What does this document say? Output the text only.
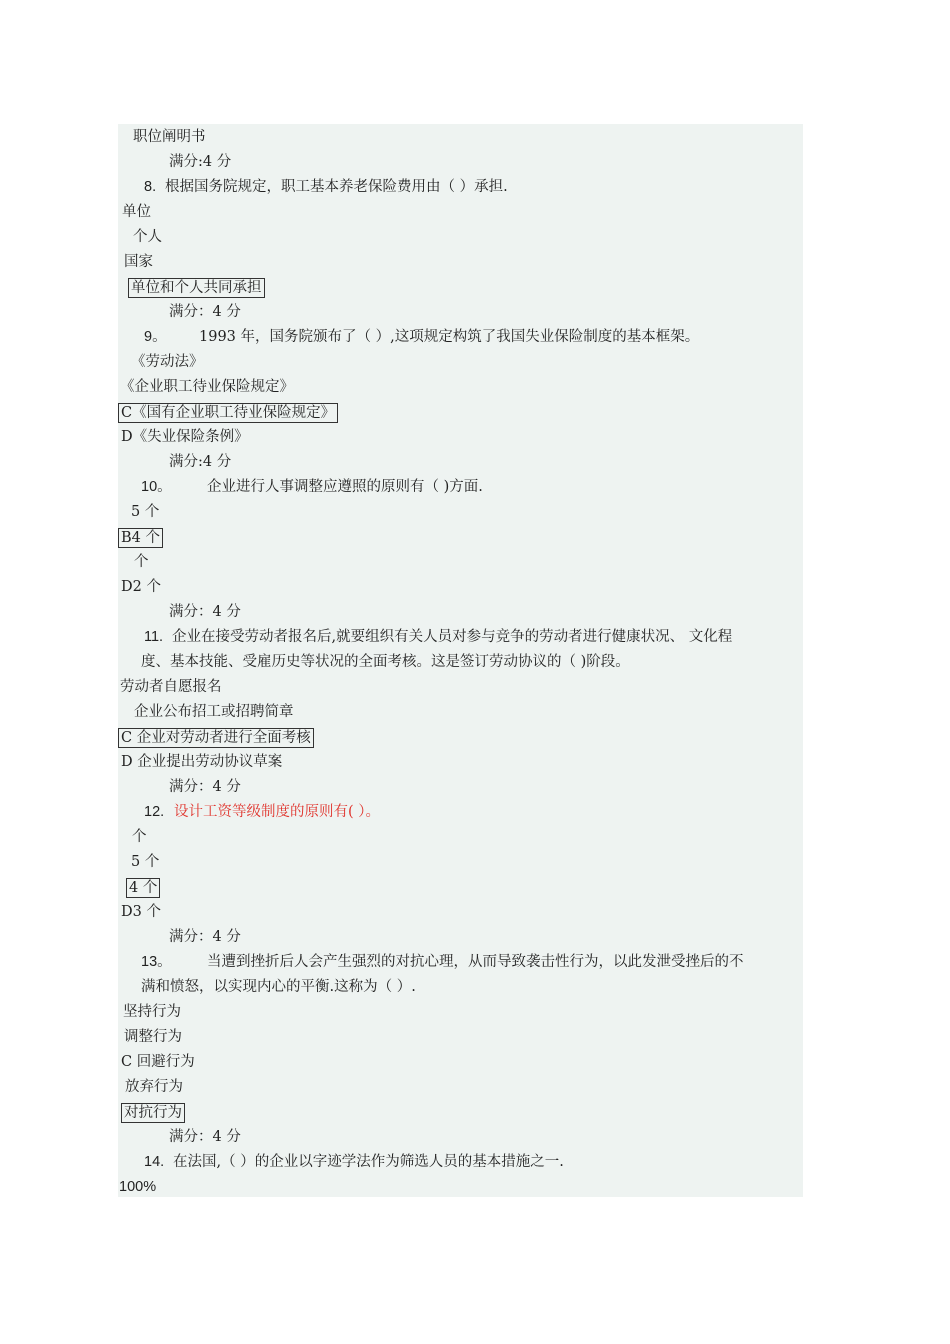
职位阐明书
满分:4 分
8. 根据国务院规定，职工基本养老保险费用由（ ）承担.
单位
个人
国家
单位和个人共同承担
满分：4 分
9。 1993 年，国务院颁布了（ ）,这项规定构筑了我国失业保险制度的基本框架。
《劳动法》
《企业职工待业保险规定》
C《国有企业职工待业保险规定》
D《失业保险条例》
满分:4 分
10。 企业进行人事调整应遵照的原则有（ )方面.
5 个
B4 个
个
D2 个
满分：4 分
11. 企业在接受劳动者报名后,就要组织有关人员对参与竞争的劳动者进行健康状况、 文化程
度、基本技能、受雇历史等状况的全面考核。这是签订劳动协议的（ )阶段。
劳动者自愿报名
企业公布招工或招聘简章
C 企业对劳动者进行全面考核
D 企业提出劳动协议草案
满分：4 分
12. 设计工资等级制度的原则有( ）。
个
5 个
4 个
D3 个
满分：4 分
13。 当遭到挫折后人会产生强烈的对抗心理，从而导致袭击性行为，以此发泄受挫后的不
满和愤怒，以实现内心的平衡.这称为（ ）.
坚持行为
调整行为
C 回避行为
放弃行为
对抗行为
满分：4 分
14. 在法国,（ ）的企业以字迹学法作为筛选人员的基本措施之一.
100%
